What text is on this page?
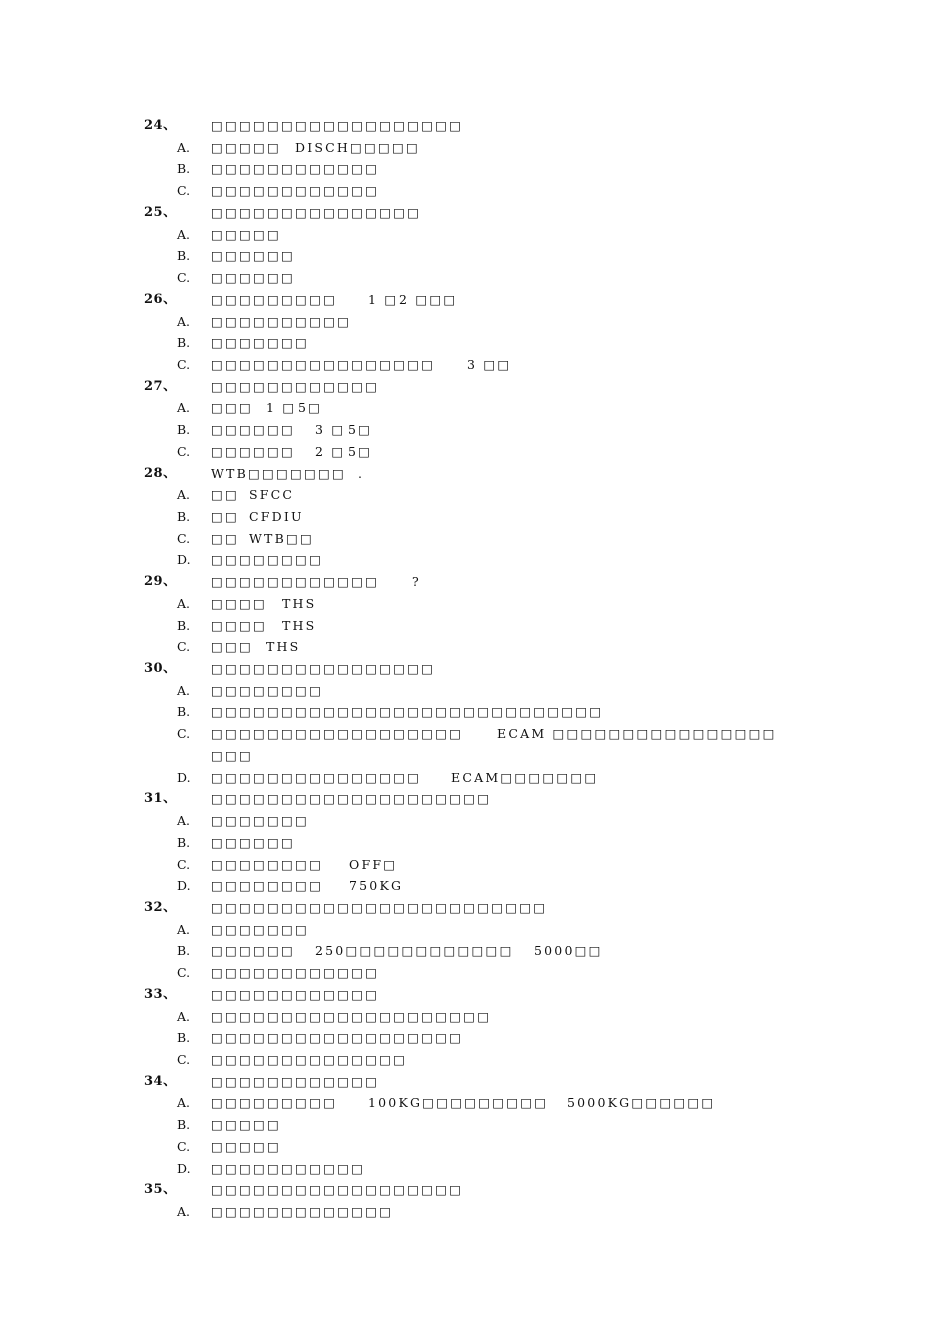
24、	□□□□□□□□□□□□□□□□□□
A. □□□□□ DISCH□□□□□
B. □□□□□□□□□□□□
C. □□□□□□□□□□□□
25、	□□□□□□□□□□□□□□□
A. □□□□□
B. □□□□□□
C. □□□□□□
26、	□□□□□□□□□ 1 □ 2 □□□
A. □□□□□□□□□□
B. □□□□□□□
C. □□□□□□□□□□□□□□□□	3 □□
27、	□□□□□□□□□□□□
A. □□□ 1 □ 5□
B. □□□□□□ 3 □ 5□
C. □□□□□□ 2 □ 5□
28、	WTB□□□□□□□ .
A. □□ SFCC
B. □□ CFDIU
C. □□ WTB□□
D. □□□□□□□□
29、	□□□□□□□□□□□□	?
A. □□□□ THS
B. □□□□ THS
C. □□□ THS
30、	□□□□□□□□□□□□□□□□
A. □□□□□□□□
B. □□□□□□□□□□□□□□□□□□□□□□□□□□□□
C. □□□□□□□□□□□□□□□□□□	ECAM □□□□□□□□□□□□□□□□
□□□
D. □□□□□□□□□□□□□□□ ECAM□□□□□□□
31、	□□□□□□□□□□□□□□□□□□□□
A. □□□□□□□
B. □□□□□□
C. □□□□□□□□ OFF□
D. □□□□□□□□ 750KG
32、	□□□□□□□□□□□□□□□□□□□□□□□□
A. □□□□□□□
B. □□□□□□ 250□□□□□□□□□□□□ 5000□□
C. □□□□□□□□□□□□
33、	□□□□□□□□□□□□
A. □□□□□□□□□□□□□□□□□□□□
B. □□□□□□□□□□□□□□□□□□
C. □□□□□□□□□□□□□□
34、	□□□□□□□□□□□□
A. □□□□□□□□□ 100KG□□□□□□□□□ 5000KG□□□□□□
B. □□□□□
C. □□□□□
D. □□□□□□□□□□□
35、	□□□□□□□□□□□□□□□□□□
A. □□□□□□□□□□□□□
